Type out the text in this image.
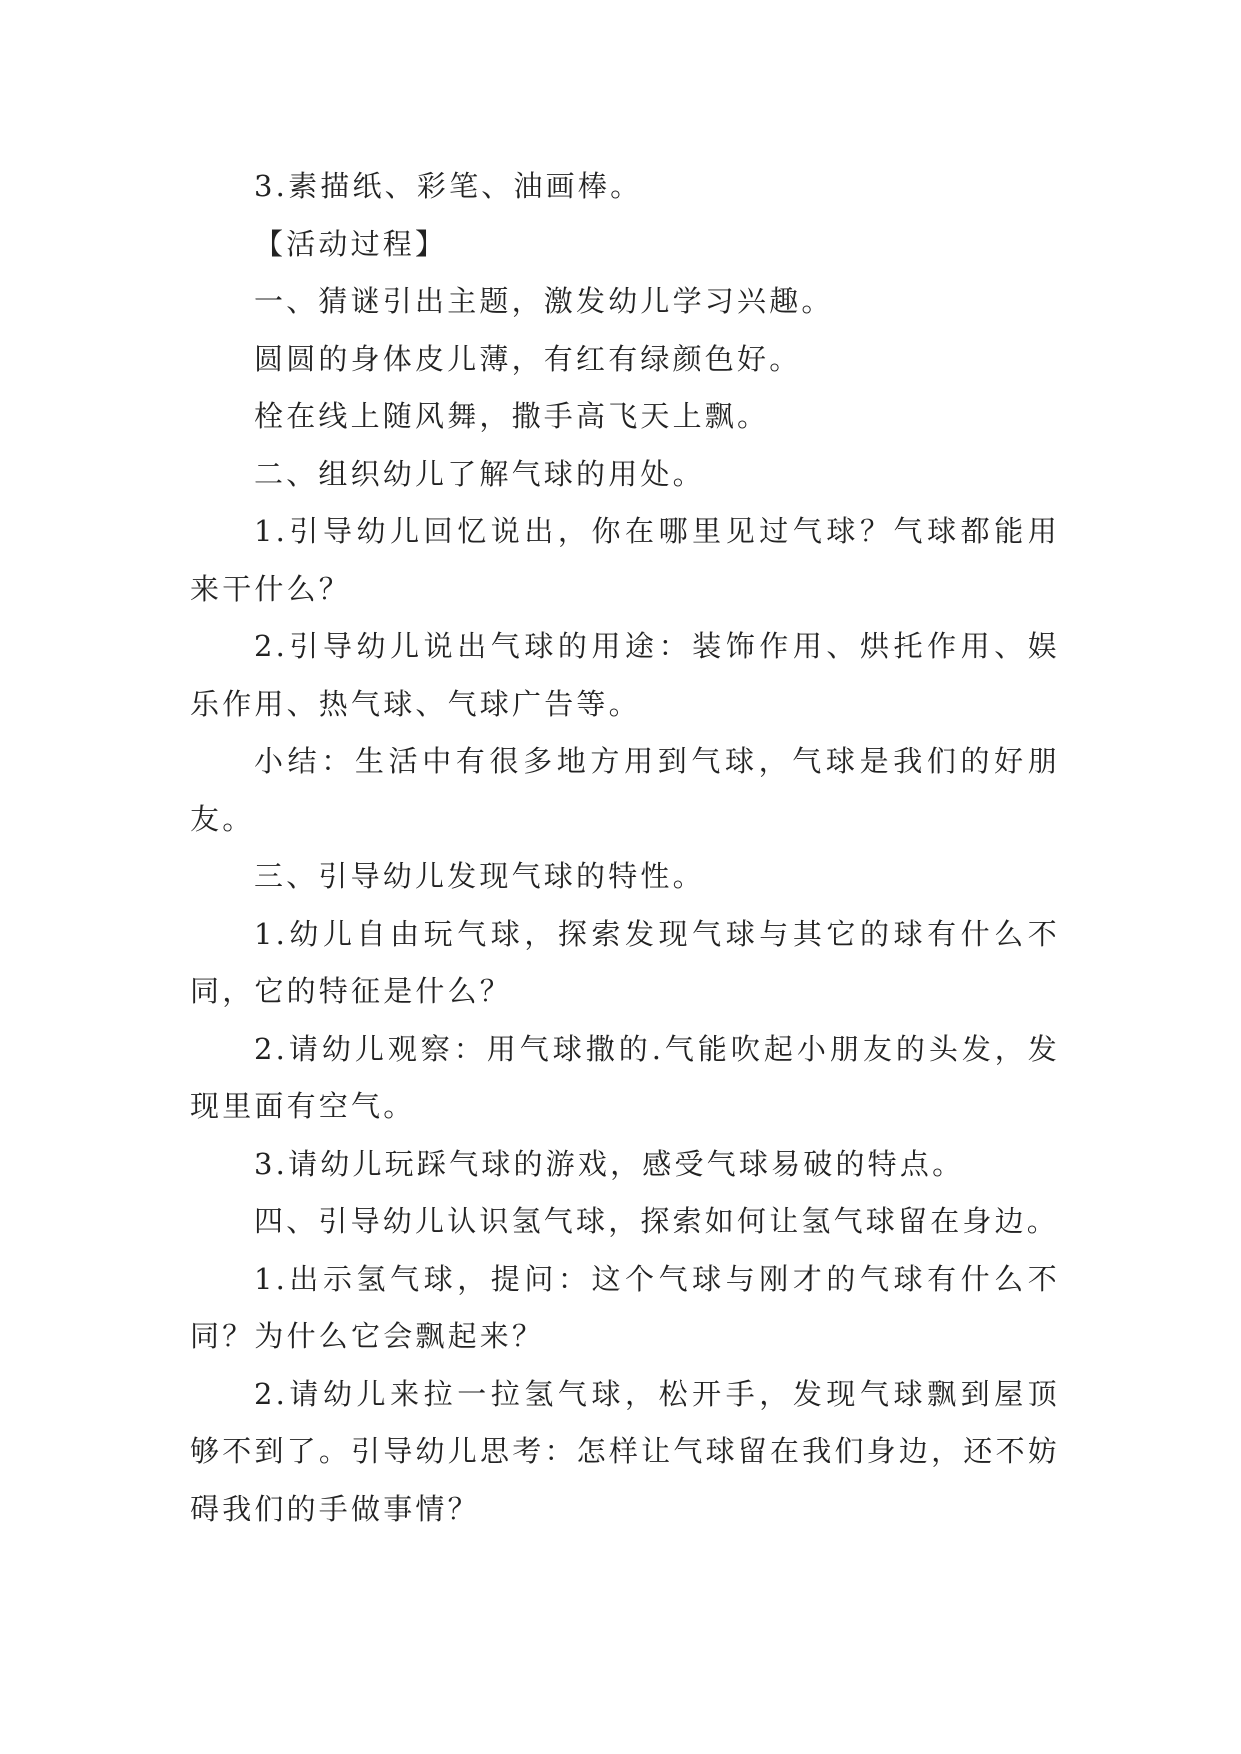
3.素描纸、彩笔、油画棒。

【活动过程】

一、猜谜引出主题，激发幼儿学习兴趣。

圆圆的身体皮儿薄，有红有绿颜色好。

栓在线上随风舞，撒手高飞天上飘。

二、组织幼儿了解气球的用处。

1.引导幼儿回忆说出，你在哪里见过气球？气球都能用来干什么？

2.引导幼儿说出气球的用途：装饰作用、烘托作用、娱乐作用、热气球、气球广告等。

小结：生活中有很多地方用到气球，气球是我们的好朋友。

三、引导幼儿发现气球的特性。

1.幼儿自由玩气球，探索发现气球与其它的球有什么不同，它的特征是什么？

2.请幼儿观察：用气球撒的.气能吹起小朋友的头发，发现里面有空气。

3.请幼儿玩踩气球的游戏，感受气球易破的特点。

四、引导幼儿认识氢气球，探索如何让氢气球留在身边。

1.出示氢气球，提问：这个气球与刚才的气球有什么不同？为什么它会飘起来？

2.请幼儿来拉一拉氢气球，松开手，发现气球飘到屋顶够不到了。引导幼儿思考：怎样让气球留在我们身边，还不妨碍我们的手做事情？
